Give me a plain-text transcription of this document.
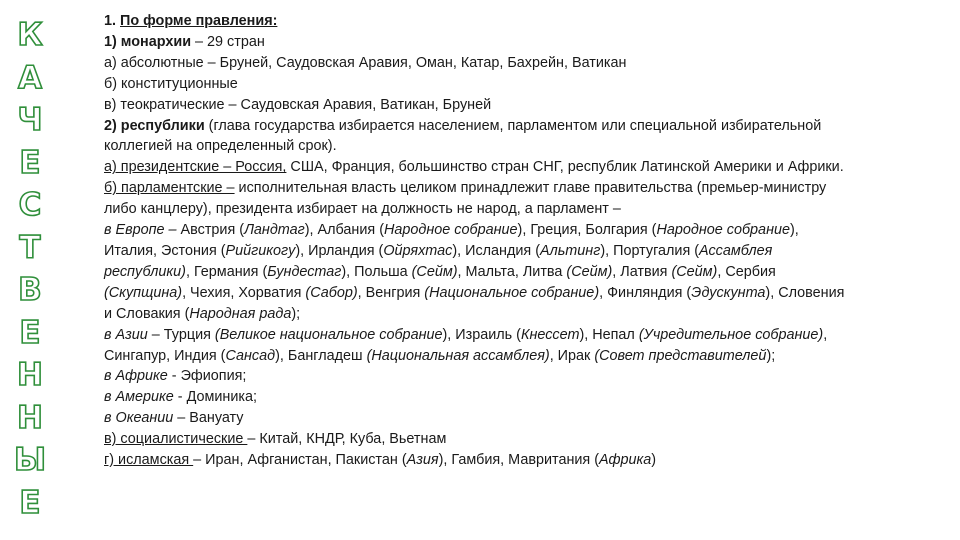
К
А
Ч
Е
С
Т
В
Е
Н
Н
Ы
Е
1. По форме правления:
1) монархии – 29 стран
а) абсолютные – Бруней, Саудовская Аравия, Оман, Катар, Бахрейн, Ватикан
б) конституционные
в) теократические – Саудовская Аравия, Ватикан, Бруней
2) республики (глава государства избирается населением, парламентом или специальной избирательной
коллегией на определенный срок).
а) президентские – Россия, США, Франция, большинство стран СНГ, республик Латинской Америки и Африки.
б) парламентские – исполнительная власть целиком принадлежит главе правительства (премьер-министру
либо канцлеру), президента избирает на должность не народ, а парламент –
в Европе – Австрия (Ландтаг), Албания (Народное собрание), Греция, Болгария (Народное собрание),
Италия, Эстония (Рийгикогу), Ирландия (Ойряхтас), Исландия (Альтинг), Португалия (Ассамблея
республики), Германия (Бундестаг), Польша (Сейм), Мальта, Литва (Сейм), Латвия (Сейм), Сербия
(Скупщина), Чехия, Хорватия (Сабор), Венгрия (Национальное собрание), Финляндия (Эдускунта), Словения
и Словакия (Народная рада);
в Азии – Турция (Великое национальное собрание), Израиль (Кнессет), Непал (Учредительное собрание),
Сингапур, Индия (Сансад), Бангладеш (Национальная ассамблея), Ирак (Совет представителей);
в Африке - Эфиопия;
в Америке - Доминика;
в Океании – Вануату
в) социалистические – Китай, КНДР, Куба, Вьетнам
г) исламская – Иран, Афганистан, Пакистан (Азия), Гамбия, Мавритания (Африка)
